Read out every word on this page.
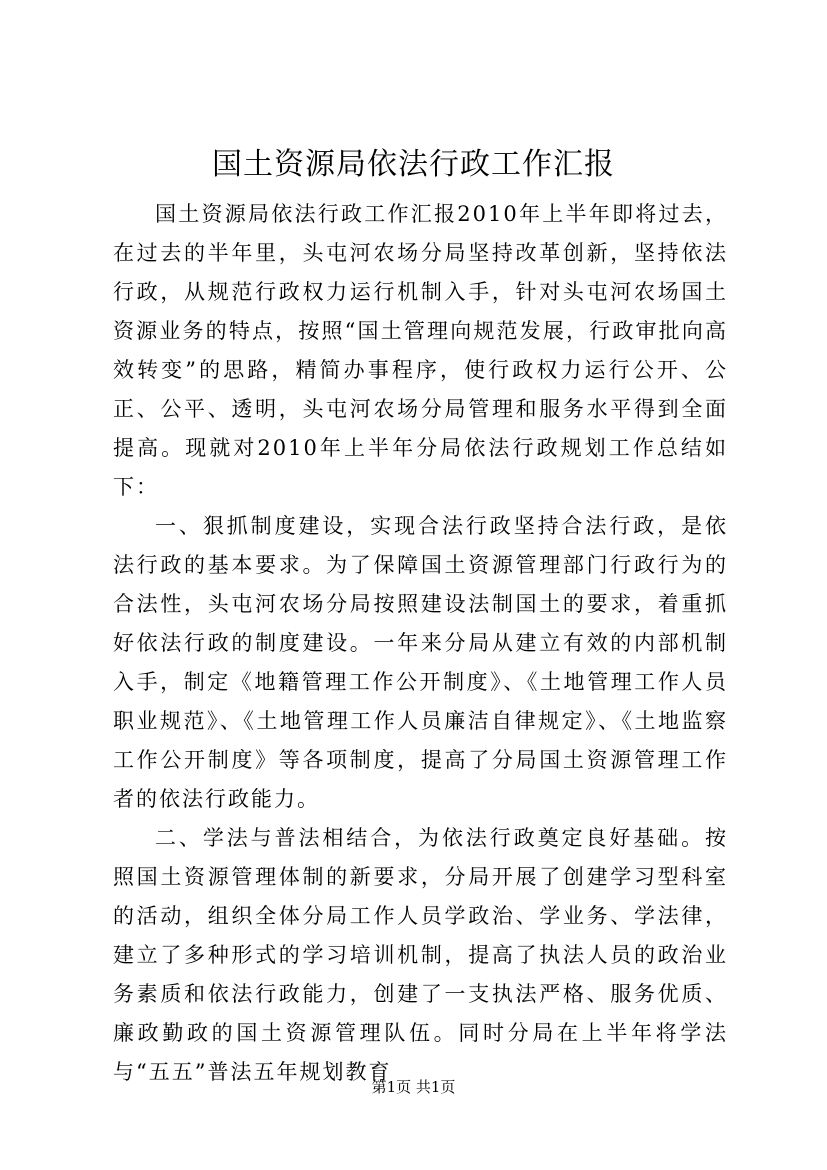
国土资源局依法行政工作汇报

国土资源局依法行政工作汇报2010年上半年即将过去，在过去的半年里，头屯河农场分局坚持改革创新，坚持依法行政，从规范行政权力运行机制入手，针对头屯河农场国土资源业务的特点，按照“国土管理向规范发展，行政审批向高效转变”的思路，精简办事程序，使行政权力运行公开、公正、公平、透明，头屯河农场分局管理和服务水平得到全面提高。现就对2010年上半年分局依法行政规划工作总结如下：

一、狠抓制度建设，实现合法行政坚持合法行政，是依法行政的基本要求。为了保障国土资源管理部门行政行为的合法性，头屯河农场分局按照建设法制国土的要求，着重抓好依法行政的制度建设。一年来分局从建立有效的内部机制入手，制定《地籍管理工作公开制度》、《土地管理工作人员职业规范》、《土地管理工作人员廉洁自律规定》、《土地监察工作公开制度》等各项制度，提高了分局国土资源管理工作者的依法行政能力。

二、学法与普法相结合，为依法行政奠定良好基础。按照国土资源管理体制的新要求，分局开展了创建学习型科室的活动，组织全体分局工作人员学政治、学业务、学法律，建立了多种形式的学习培训机制，提高了执法人员的政治业务素质和依法行政能力，创建了一支执法严格、服务优质、廉政勤政的国土资源管理队伍。同时分局在上半年将学法与“五五”普法五年规划教育

第1页 共1页
